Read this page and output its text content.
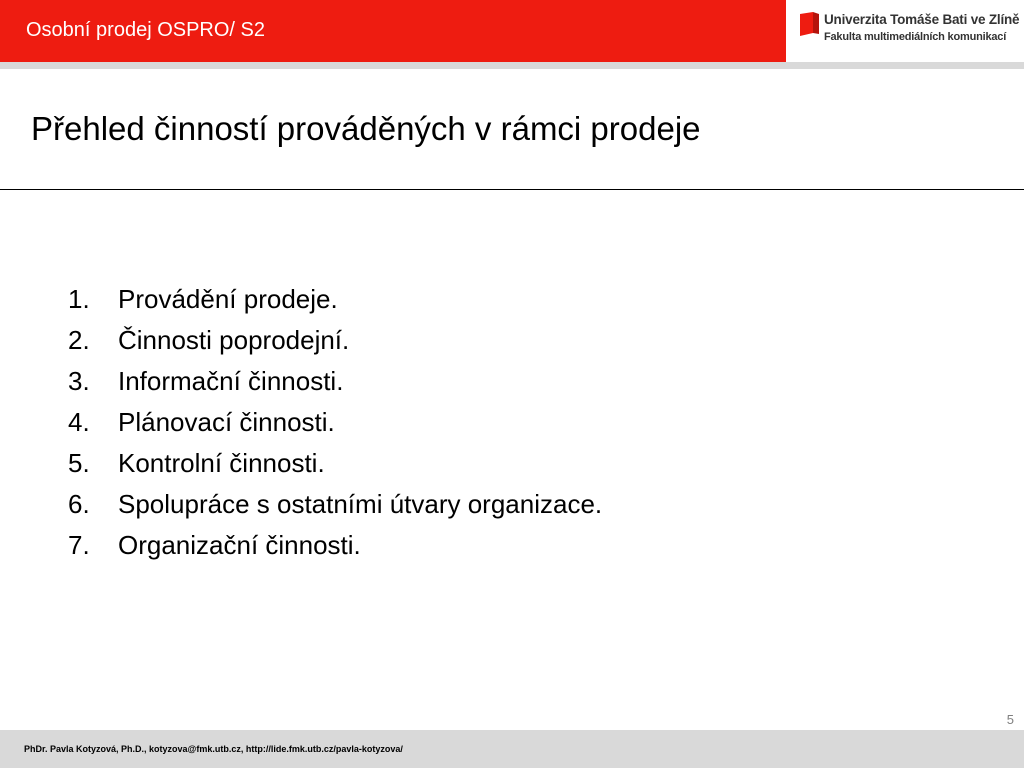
Osobní prodej OSPRO/ S2	Univerzita Tomáše Bati ve Zlíně
Fakulta multimediálních komunikací
Přehled činností prováděných v rámci prodeje
1. Provádění prodeje.
2. Činnosti poprodejní.
3. Informační činnosti.
4. Plánovací činnosti.
5. Kontrolní činnosti.
6. Spolupráce s ostatními útvary organizace.
7. Organizační činnosti.
5
PhDr. Pavla Kotyzová, Ph.D., kotyzova@fmk.utb.cz, http://lide.fmk.utb.cz/pavla-kotyzova/
